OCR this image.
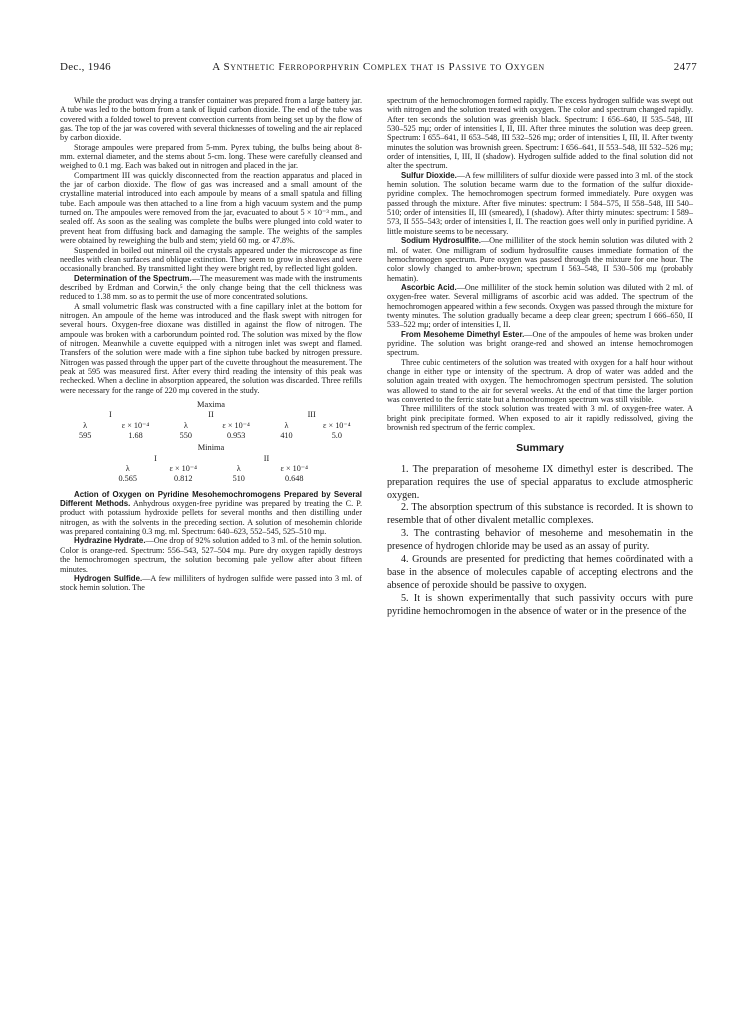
Dec., 1946	A Synthetic Ferroporphyrin Complex that is Passive to Oxygen	2477

While the product was drying a transfer container was prepared from a large battery jar. A tube was led to the bottom from a tank of liquid carbon dioxide. The end of the tube was covered with a folded towel to prevent convection currents from being set up by the flow of gas. The top of the jar was covered with several thicknesses of toweling and the air replaced by carbon dioxide.

Storage ampoules were prepared from 5-mm. Pyrex tubing, the bulbs being about 8-mm. external diameter, and the stems about 5-cm. long. These were carefully cleansed and weighed to 0.1 mg. Each was baked out in nitrogen and placed in the jar.

Compartment III was quickly disconnected from the reaction apparatus and placed in the jar of carbon dioxide. The flow of gas was increased and a small amount of the crystalline material introduced into each ampoule by means of a small spatula and filling tube. Each ampoule was then attached to a line from a high vacuum system and the pump turned on. The ampoules were removed from the jar, evacuated to about 5 × 10⁻³ mm., and sealed off. As soon as the sealing was complete the bulbs were plunged into cold water to prevent heat from diffusing back and damaging the sample. The weights of the samples were obtained by reweighing the bulb and stem; yield 60 mg. or 47.8%.

Suspended in boiled out mineral oil the crystals appeared under the microscope as fine needles with clean surfaces and oblique extinction. They seem to grow in sheaves and were occasionally branched. By transmitted light they were bright red, by reflected light golden.

Determination of the Spectrum.—The measurement was made with the instruments described by Erdman and Corwin,⁵ the only change being that the cell thickness was reduced to 1.38 mm. so as to permit the use of more concentrated solutions.

A small volumetric flask was constructed with a fine capillary inlet at the bottom for nitrogen. An ampoule of the heme was introduced and the flask swept with nitrogen for several hours. Oxygen-free dioxane was distilled in against the flow of nitrogen. The ampoule was broken with a carborundum pointed rod. The solution was mixed by the flow of nitrogen. Meanwhile a cuvette equipped with a nitrogen inlet was swept and flamed. Transfers of the solution were made with a fine siphon tube backed by nitrogen pressure. Nitrogen was passed through the upper part of the cuvette throughout the measurement. The peak at 595 was measured first. After every third reading the intensity of this peak was rechecked. When a decline in absorption appeared, the solution was discarded. Three refills were necessary for the range of 220 mμ covered in the study.

Maxima
I	II	III
λ	ε × 10⁻⁴	λ	ε × 10⁻⁴	λ	ε × 10⁻⁴
595	1.68	550	0.953	410	5.0
Minima
I	II
λ	ε × 10⁻⁴	λ	ε × 10⁻⁴
0.565	0.812	510	0.648

Action of Oxygen on Pyridine Mesohemochromogens Prepared by Several Different Methods. Anhydrous oxygen-free pyridine was prepared by treating the C. P. product with potassium hydroxide pellets for several months and then distilling under nitrogen, as with the solvents in the preceding section. A solution of mesohemin chloride was prepared containing 0.3 mg. ml. Spectrum: 640–623, 552–545, 525–510 mμ.

Hydrazine Hydrate.—One drop of 92% solution added to 3 ml. of the hemin solution. Color is orange-red. Spectrum: 556–543, 527–504 mμ. Pure dry oxygen rapidly destroys the hemochromogen spectrum, the solution becoming pale yellow after about fifteen minutes.

Hydrogen Sulfide.—A few milliliters of hydrogen sulfide were passed into 3 ml. of stock hemin solution. The

spectrum of the hemochromogen formed rapidly. The excess hydrogen sulfide was swept out with nitrogen and the solution treated with oxygen. The color and spectrum changed rapidly. After ten seconds the solution was greenish black. Spectrum: I 656–640, II 535–548, III 530–525 mμ; order of intensities I, II, III. After three minutes the solution was deep green. Spectrum: I 655–641, II 653–548, III 532–526 mμ; order of intensities I, III, II. After twenty minutes the solution was brownish green. Spectrum: I 656–641, II 553–548, III 532–526 mμ; order of intensities, I, III, II (shadow). Hydrogen sulfide added to the final solution did not alter the spectrum.

Sulfur Dioxide.—A few milliliters of sulfur dioxide were passed into 3 ml. of the stock hemin solution. The solution became warm due to the formation of the sulfur dioxide-pyridine complex. The hemochromogen spectrum formed immediately. Pure oxygen was passed through the mixture. After five minutes: spectrum: I 584–575, II 558–548, III 540–510; order of intensities II, III (smeared), I (shadow). After thirty minutes: spectrum: I 589–573, II 555–543; order of intensities I, II. The reaction goes well only in purified pyridine. A little moisture seems to be necessary.

Sodium Hydrosulfite.—One milliliter of the stock hemin solution was diluted with 2 ml. of water. One milligram of sodium hydrosulfite causes immediate formation of the hemochromogen spectrum. Pure oxygen was passed through the mixture for one hour. The color slowly changed to amber-brown; spectrum I 563–548, II 530–506 mμ (probably hematin).

Ascorbic Acid.—One milliliter of the stock hemin solution was diluted with 2 ml. of oxygen-free water. Several milligrams of ascorbic acid was added. The spectrum of the hemochromogen appeared within a few seconds. Oxygen was passed through the mixture for twenty minutes. The solution gradually became a deep clear green; spectrum I 666–650, II 533–522 mμ; order of intensities I, II.

From Mesoheme Dimethyl Ester.—One of the ampoules of heme was broken under pyridine. The solution was bright orange-red and showed an intense hemochromogen spectrum.

Three cubic centimeters of the solution was treated with oxygen for a half hour without change in either type or intensity of the spectrum. A drop of water was added and the solution again treated with oxygen. The hemochromogen spectrum persisted. The solution was allowed to stand to the air for several weeks. At the end of that time the larger portion was converted to the ferric state but a hemochromogen spectrum was still visible.

Three milliliters of the stock solution was treated with 3 ml. of oxygen-free water. A bright pink precipitate formed. When exposed to air it rapidly redissolved, giving the brownish red spectrum of the ferric complex.

Summary

1. The preparation of mesoheme IX dimethyl ester is described. The preparation requires the use of special apparatus to exclude atmospheric oxygen.

2. The absorption spectrum of this substance is recorded. It is shown to resemble that of other divalent metallic complexes.

3. The contrasting behavior of mesoheme and mesohematin in the presence of hydrogen chloride may be used as an assay of purity.

4. Grounds are presented for predicting that hemes coördinated with a base in the absence of molecules capable of accepting electrons and the absence of peroxide should be passive to oxygen.

5. It is shown experimentally that such passivity occurs with pure pyridine hemochromogen in the absence of water or in the presence of the
